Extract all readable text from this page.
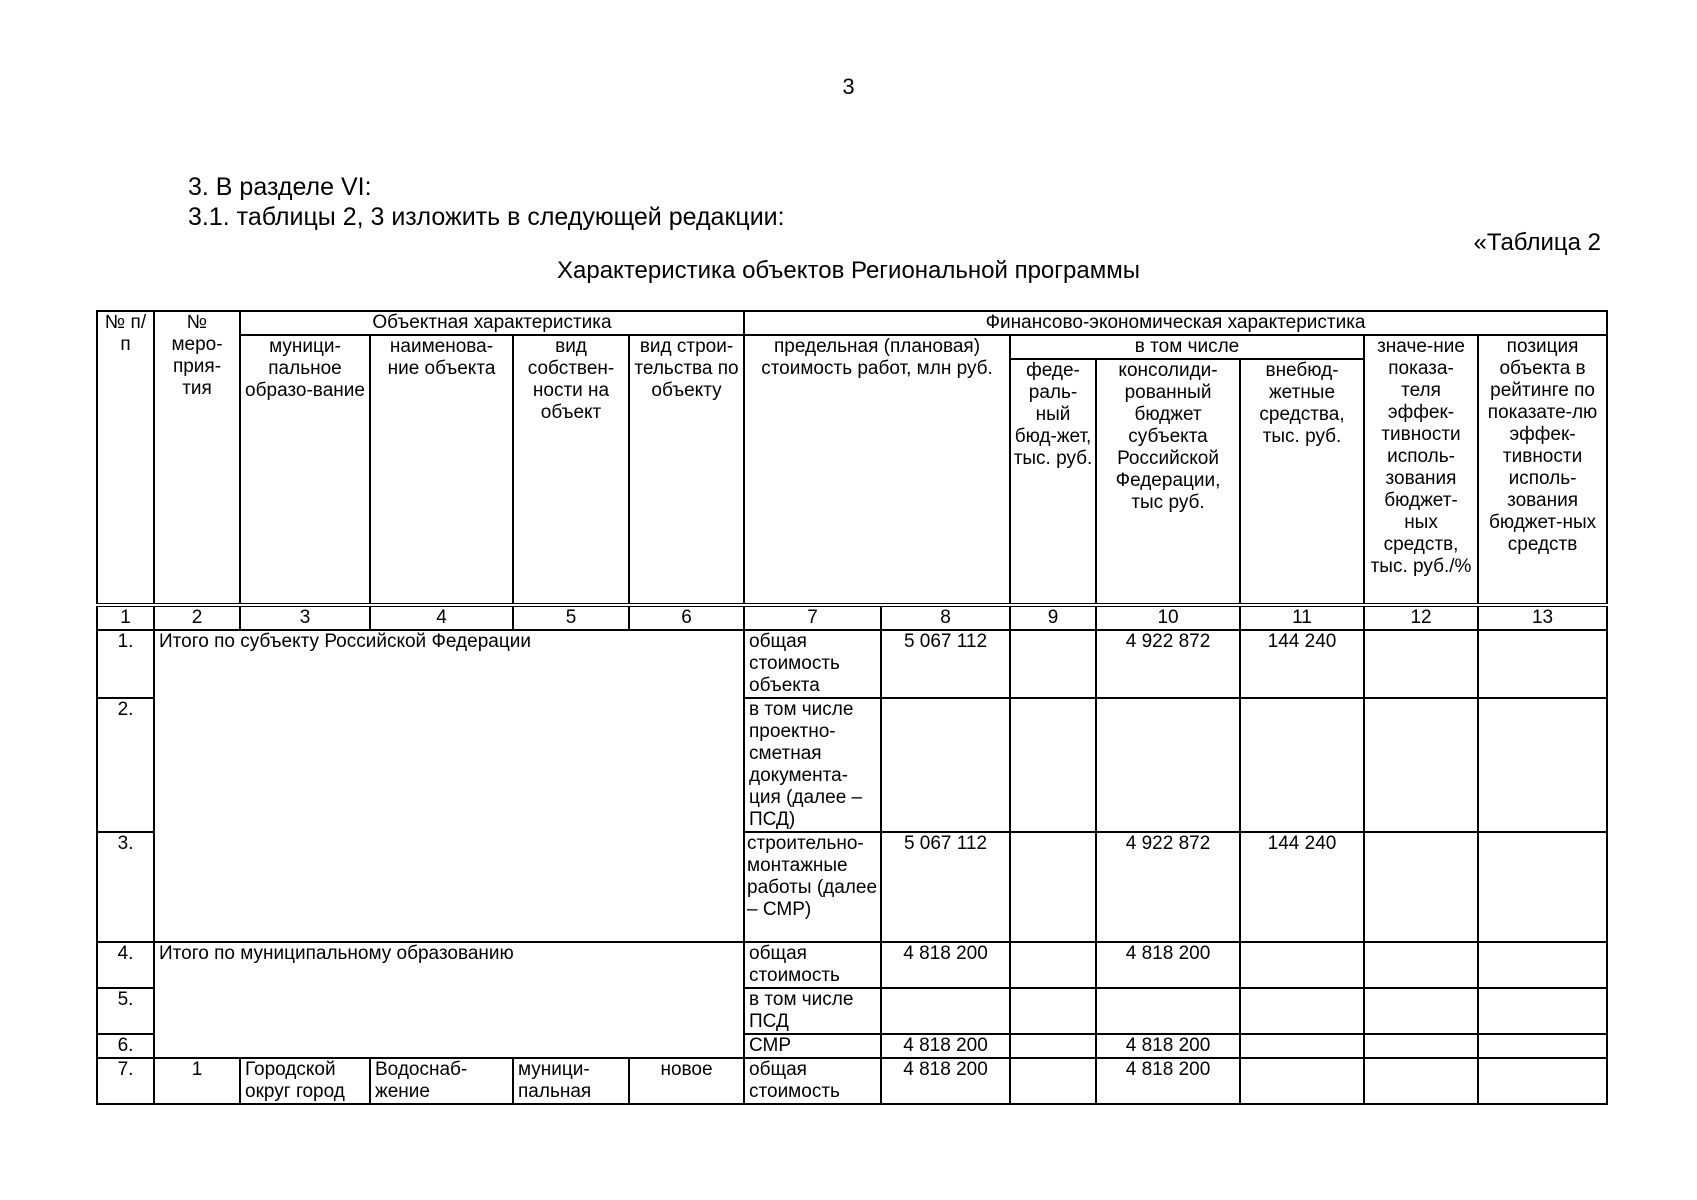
3
3. В разделе VI:
3.1. таблицы 2, 3 изложить в следующей редакции:
«Таблица 2
Характеристика объектов Региональной программы
№ п/п	№ меро-прия-тия	Объектная характеристика				Финансово-экономическая характеристика						
		муници-пальное образо-вание	наименова-ние объекта	вид собствен-ности на объект	вид строи-тельства по объекту	предельная (плановая) стоимость работ, млн руб.		в том числе			значе-ние показа-теля эффек-тивности исполь-зования бюджет-ных средств, тыс. руб./%	позиция объекта в рейтинге по показате-лю эффек-тивности исполь-зования бюджет-ных средств
								феде-раль-ный бюд-жет, тыс. руб.	консолиди-рованный бюджет субъекта Российской Федерации, тыс руб.	внебюд-жетные средства, тыс. руб.		
1	2	3	4	5	6	7	8	9	10	11	12	13
1.	Итого по субъекту Российской Федерации					общая стоимость объекта	5 067 112		4 922 872	144 240		
2.						в том числе проектно-сметная документа-ция (далее – ПСД)						
3.						строительно-монтажные работы (далее – СМР)	5 067 112		4 922 872	144 240		
4.	Итого по муниципальному образованию					общая стоимость	4 818 200		4 818 200			
5.						в том числе ПСД						
6.						СМР	4 818 200		4 818 200			
7.	1	Городской округ город	Водоснаб-жение	муници-пальная	новое	общая стоимость	4 818 200		4 818 200			
